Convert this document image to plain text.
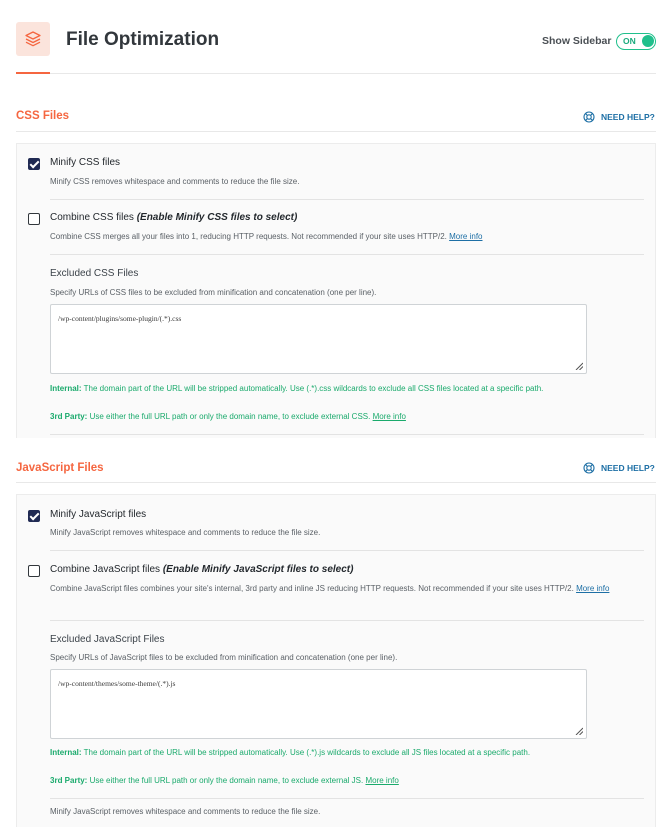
File Optimization	Show Sidebar ON
CSS Files	NEED HELP?
Minify CSS files
Minify CSS removes whitespace and comments to reduce the file size.
Combine CSS files (Enable Minify CSS files to select)
Combine CSS merges all your files into 1, reducing HTTP requests. Not recommended if your site uses HTTP/2. More info
Excluded CSS Files
Specify URLs of CSS files to be excluded from minification and concatenation (one per line).
/wp-content/plugins/some-plugin/(.*).css
Internal: The domain part of the URL will be stripped automatically. Use (.*).css wildcards to exclude all CSS files located at a specific path.
3rd Party: Use either the full URL path or only the domain name, to exclude external CSS. More info
JavaScript Files	NEED HELP?
Minify JavaScript files
Minify JavaScript removes whitespace and comments to reduce the file size.
Combine JavaScript files (Enable Minify JavaScript files to select)
Combine JavaScript files combines your site's internal, 3rd party and inline JS reducing HTTP requests. Not recommended if your site uses HTTP/2. More info
Excluded JavaScript Files
Specify URLs of JavaScript files to be excluded from minification and concatenation (one per line).
/wp-content/themes/some-theme/(.*).js
Internal: The domain part of the URL will be stripped automatically. Use (.*).js wildcards to exclude all JS files located at a specific path.
3rd Party: Use either the full URL path or only the domain name, to exclude external JS. More info
Minify JavaScript removes whitespace and comments to reduce the file size.
